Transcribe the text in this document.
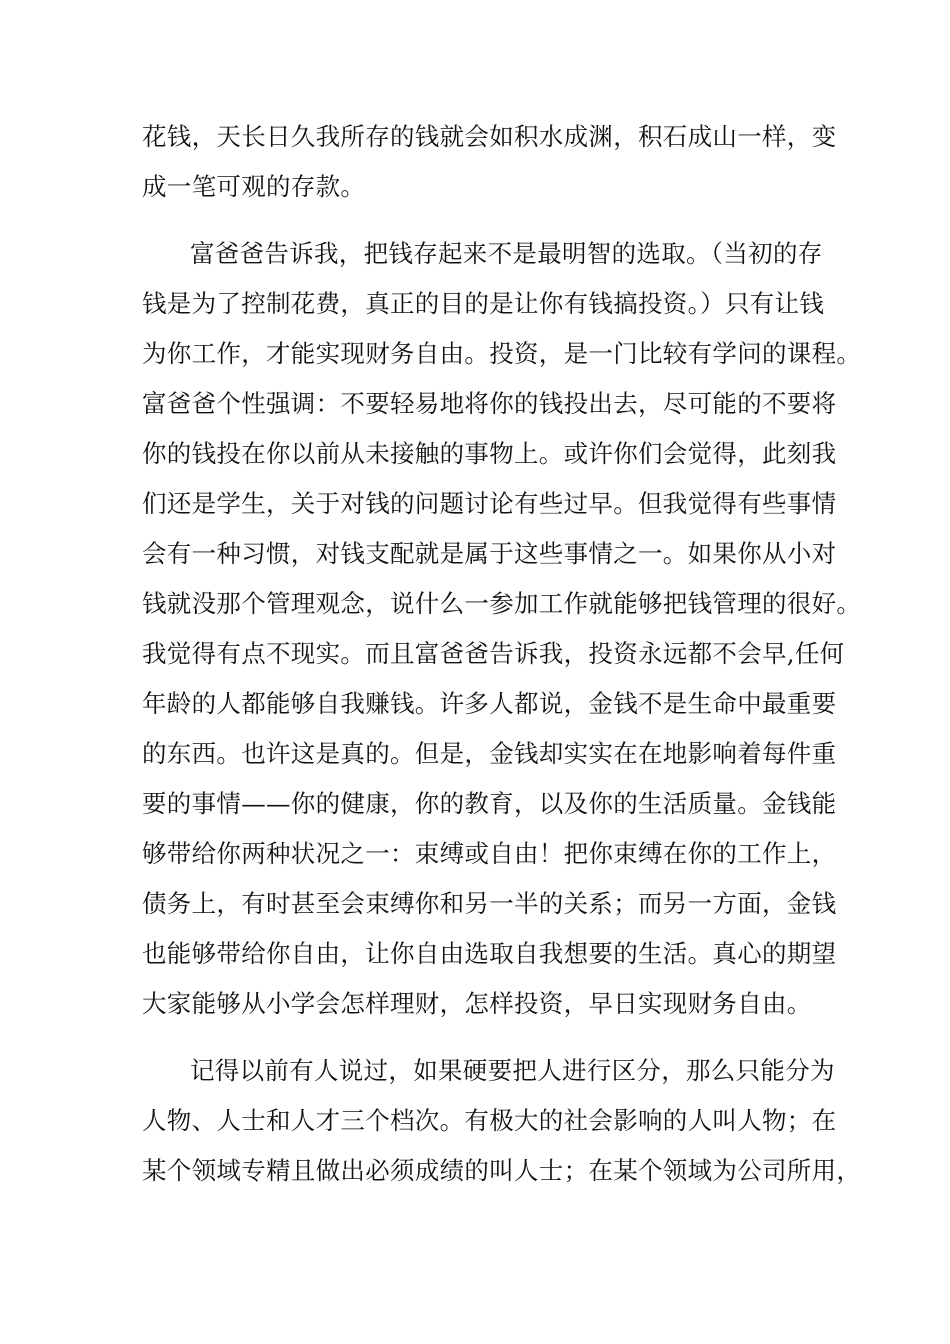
花钱，天长日久我所存的钱就会如积水成渊，积石成山一样，变
成一笔可观的存款。
富爸爸告诉我，把钱存起来不是最明智的选取。（当初的存
钱是为了控制花费，真正的目的是让你有钱搞投资。）只有让钱
为你工作，才能实现财务自由。投资，是一门比较有学问的课程。
富爸爸个性强调：不要轻易地将你的钱投出去，尽可能的不要将
你的钱投在你以前从未接触的事物上。或许你们会觉得，此刻我
们还是学生，关于对钱的问题讨论有些过早。但我觉得有些事情
会有一种习惯，对钱支配就是属于这些事情之一。如果你从小对
钱就没那个管理观念，说什么一参加工作就能够把钱管理的很好。
我觉得有点不现实。而且富爸爸告诉我，投资永远都不会早,任何
年龄的人都能够自我赚钱。许多人都说，金钱不是生命中最重要
的东西。也许这是真的。但是，金钱却实实在在地影响着每件重
要的事情——你的健康，你的教育，以及你的生活质量。金钱能
够带给你两种状况之一：束缚或自由！把你束缚在你的工作上，
债务上，有时甚至会束缚你和另一半的关系；而另一方面，金钱
也能够带给你自由，让你自由选取自我想要的生活。真心的期望
大家能够从小学会怎样理财，怎样投资，早日实现财务自由。
记得以前有人说过，如果硬要把人进行区分，那么只能分为
人物、人士和人才三个档次。有极大的社会影响的人叫人物；在
某个领域专精且做出必须成绩的叫人士；在某个领域为公司所用，
